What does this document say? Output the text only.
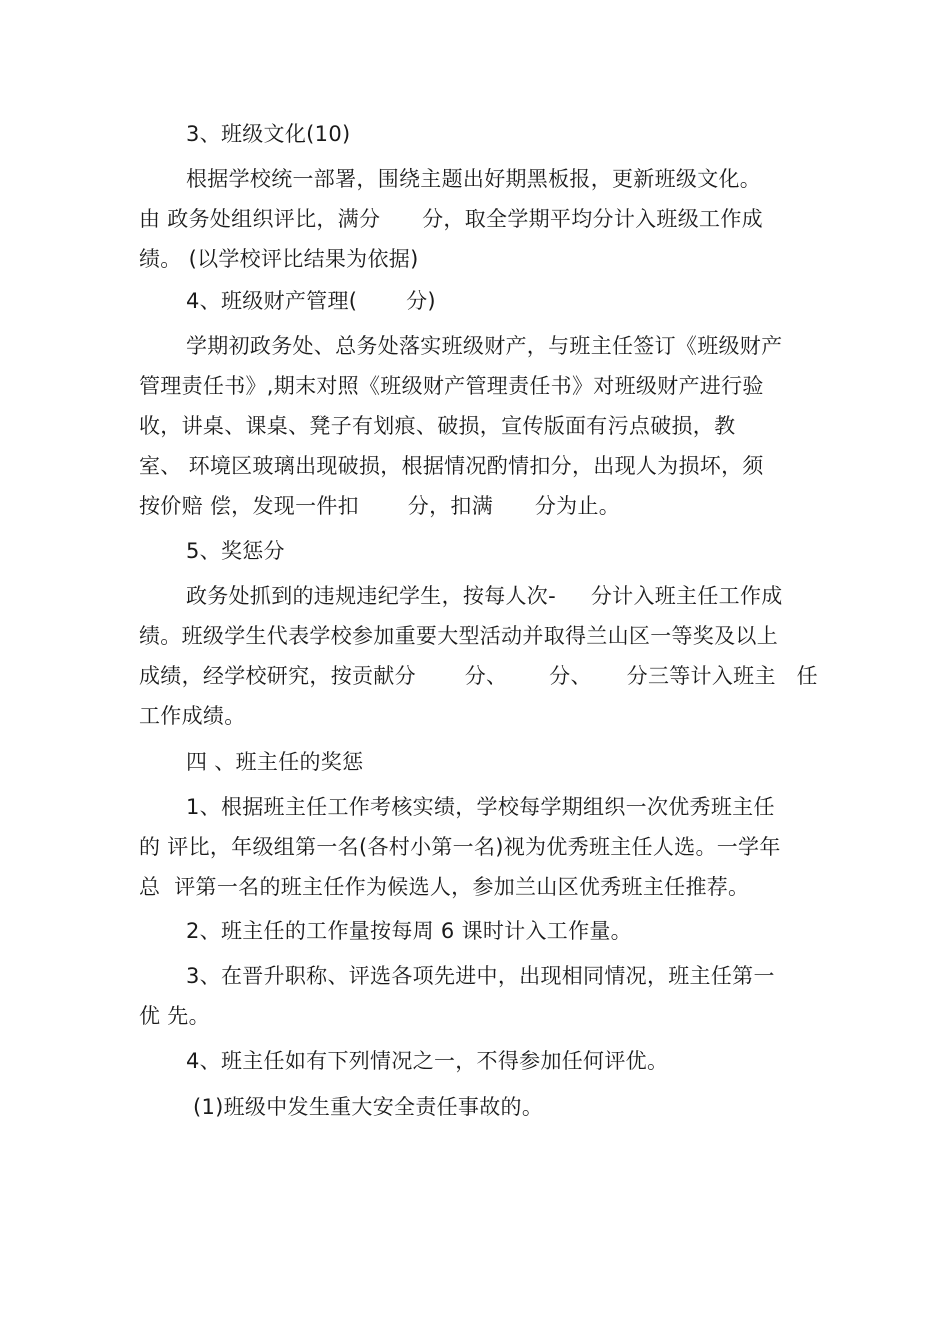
3、班级文化(10)
根据学校统一部署，围绕主题出好期黑板报，更新班级文化。
由 政务处组织评比，满分      分，取全学期平均分计入班级工作成
绩。 (以学校评比结果为依据)
4、班级财产管理(       分)
学期初政务处、总务处落实班级财产，与班主任签订《班级财产
管理责任书》,期末对照《班级财产管理责任书》对班级财产进行验
收，讲桌、课桌、凳子有划痕、破损，宣传版面有污点破损，教
室、 环境区玻璃出现破损，根据情况酌情扣分，出现人为损坏，须
按价赔 偿，发现一件扣       分，扣满      分为止。
5、奖惩分
政务处抓到的违规违纪学生，按每人次-     分计入班主任工作成
绩。班级学生代表学校参加重要大型活动并取得兰山区一等奖及以上
成绩，经学校研究，按贡献分       分、      分、     分三等计入班主   任
工作成绩。
四 、班主任的奖惩
1、根据班主任工作考核实绩，学校每学期组织一次优秀班主任
的 评比，年级组第一名(各村小第一名)视为优秀班主任人选。一学年
总  评第一名的班主任作为候选人，参加兰山区优秀班主任推荐。
2、班主任的工作量按每周 6 课时计入工作量。
3、在晋升职称、评选各项先进中，出现相同情况，班主任第一
优 先。
4、班主任如有下列情况之一，不得参加任何评优。
(1)班级中发生重大安全责任事故的。
